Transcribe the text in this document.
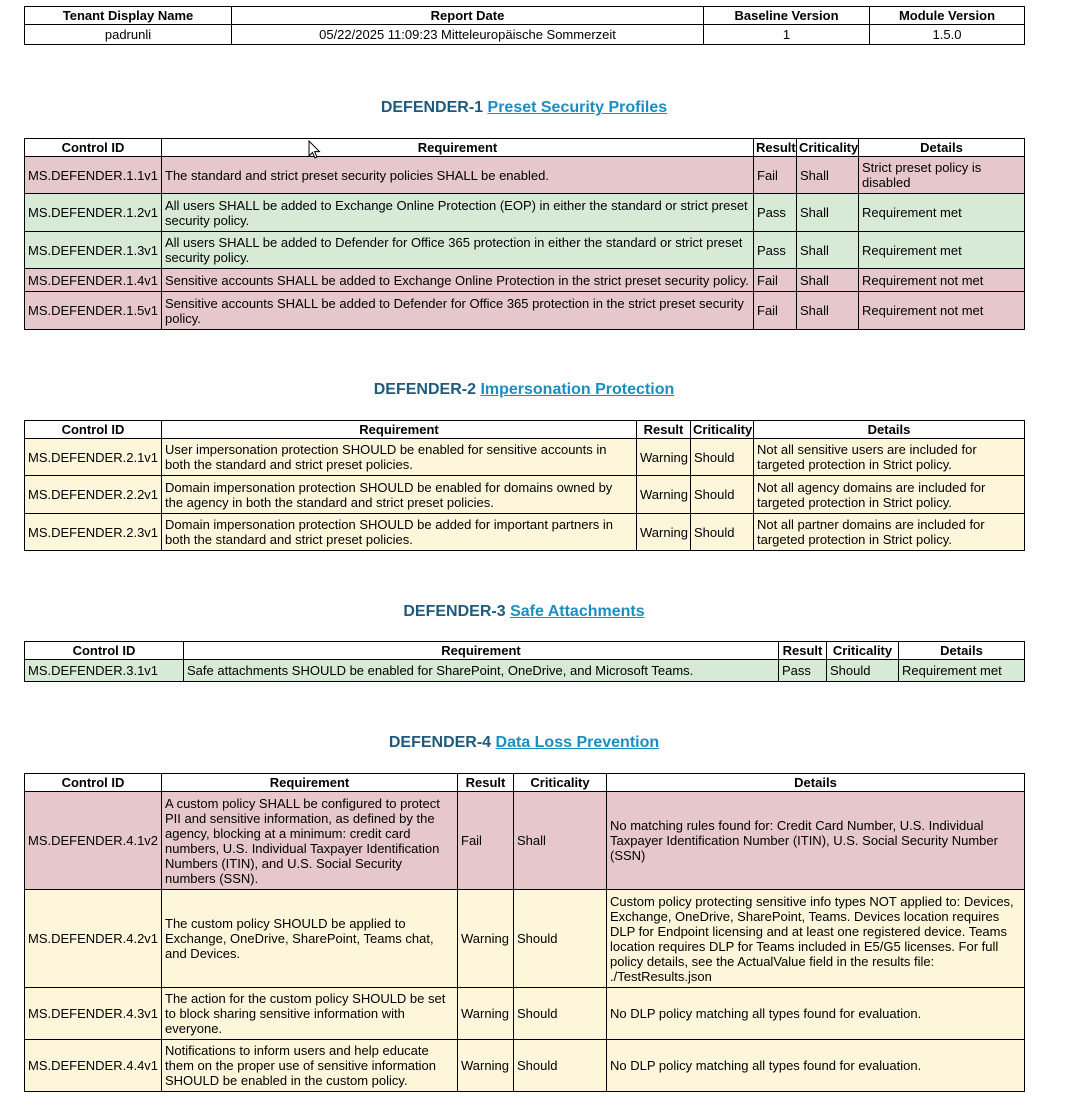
Tenant Display Name	Report Date	Baseline Version	Module Version
padrunli	05/22/2025 11:09:23 Mitteleuropäische Sommerzeit	1	1.5.0
DEFENDER-1 Preset Security Profiles
Control ID	Requirement	Result	Criticality	Details
MS.DEFENDER.1.1v1	The standard and strict preset security policies SHALL be enabled.	Fail	Shall	Strict preset policy is disabled
MS.DEFENDER.1.2v1	All users SHALL be added to Exchange Online Protection (EOP) in either the standard or strict preset security policy.	Pass	Shall	Requirement met
MS.DEFENDER.1.3v1	All users SHALL be added to Defender for Office 365 protection in either the standard or strict preset security policy.	Pass	Shall	Requirement met
MS.DEFENDER.1.4v1	Sensitive accounts SHALL be added to Exchange Online Protection in the strict preset security policy.	Fail	Shall	Requirement not met
MS.DEFENDER.1.5v1	Sensitive accounts SHALL be added to Defender for Office 365 protection in the strict preset security policy.	Fail	Shall	Requirement not met
DEFENDER-2 Impersonation Protection
Control ID	Requirement	Result	Criticality	Details
MS.DEFENDER.2.1v1	User impersonation protection SHOULD be enabled for sensitive accounts in both the standard and strict preset policies.	Warning	Should	Not all sensitive users are included for targeted protection in Strict policy.
MS.DEFENDER.2.2v1	Domain impersonation protection SHOULD be enabled for domains owned by the agency in both the standard and strict preset policies.	Warning	Should	Not all agency domains are included for targeted protection in Strict policy.
MS.DEFENDER.2.3v1	Domain impersonation protection SHOULD be added for important partners in both the standard and strict preset policies.	Warning	Should	Not all partner domains are included for targeted protection in Strict policy.
DEFENDER-3 Safe Attachments
Control ID	Requirement	Result	Criticality	Details
MS.DEFENDER.3.1v1	Safe attachments SHOULD be enabled for SharePoint, OneDrive, and Microsoft Teams.	Pass	Should	Requirement met
DEFENDER-4 Data Loss Prevention
Control ID	Requirement	Result	Criticality	Details
MS.DEFENDER.4.1v2	A custom policy SHALL be configured to protect PII and sensitive information, as defined by the agency, blocking at a minimum: credit card numbers, U.S. Individual Taxpayer Identification Numbers (ITIN), and U.S. Social Security numbers (SSN).	Fail	Shall	No matching rules found for: Credit Card Number, U.S. Individual Taxpayer Identification Number (ITIN), U.S. Social Security Number (SSN)
MS.DEFENDER.4.2v1	The custom policy SHOULD be applied to Exchange, OneDrive, SharePoint, Teams chat, and Devices.	Warning	Should	Custom policy protecting sensitive info types NOT applied to: Devices, Exchange, OneDrive, SharePoint, Teams. Devices location requires DLP for Endpoint licensing and at least one registered device. Teams location requires DLP for Teams included in E5/G5 licenses. For full policy details, see the ActualValue field in the results file: ./TestResults.json
MS.DEFENDER.4.3v1	The action for the custom policy SHOULD be set to block sharing sensitive information with everyone.	Warning	Should	No DLP policy matching all types found for evaluation.
MS.DEFENDER.4.4v1	Notifications to inform users and help educate them on the proper use of sensitive information SHOULD be enabled in the custom policy.	Warning	Should	No DLP policy matching all types found for evaluation.
